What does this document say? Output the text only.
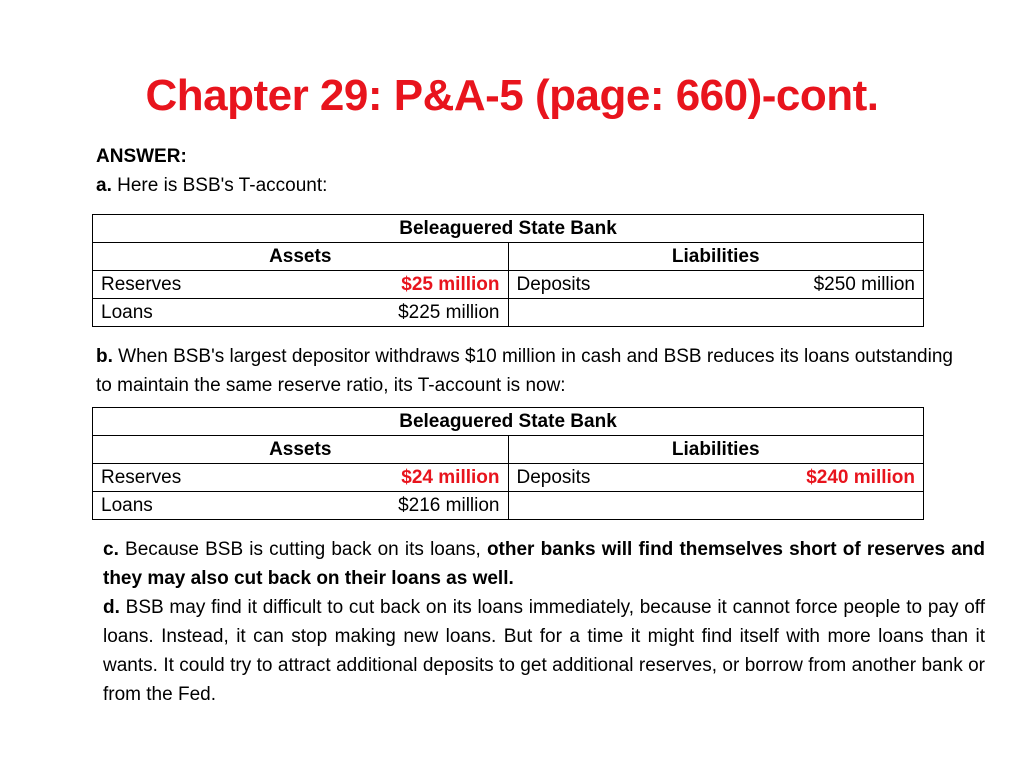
Chapter 29: P&A-5 (page: 660)-cont.
ANSWER:
a. Here is BSB's T-account:
Beleaguered State Bank	
Assets	Liabilities

Reserves $25 million	Deposits $250 million

Loans $225 million	

b. When BSB's largest depositor withdraws $10 million in cash and BSB reduces its loans outstanding to maintain the same reserve ratio, its T-account is now:
Beleaguered State Bank	
Assets	Liabilities

Reserves $24 million	Deposits $240 million

Loans $216 million	

c. Because BSB is cutting back on its loans, other banks will find themselves short of reserves and they may also cut back on their loans as well.
d. BSB may find it difficult to cut back on its loans immediately, because it cannot force people to pay off loans. Instead, it can stop making new loans. But for a time it might find itself with more loans than it wants. It could try to attract additional deposits to get additional reserves, or borrow from another bank or from the Fed.
